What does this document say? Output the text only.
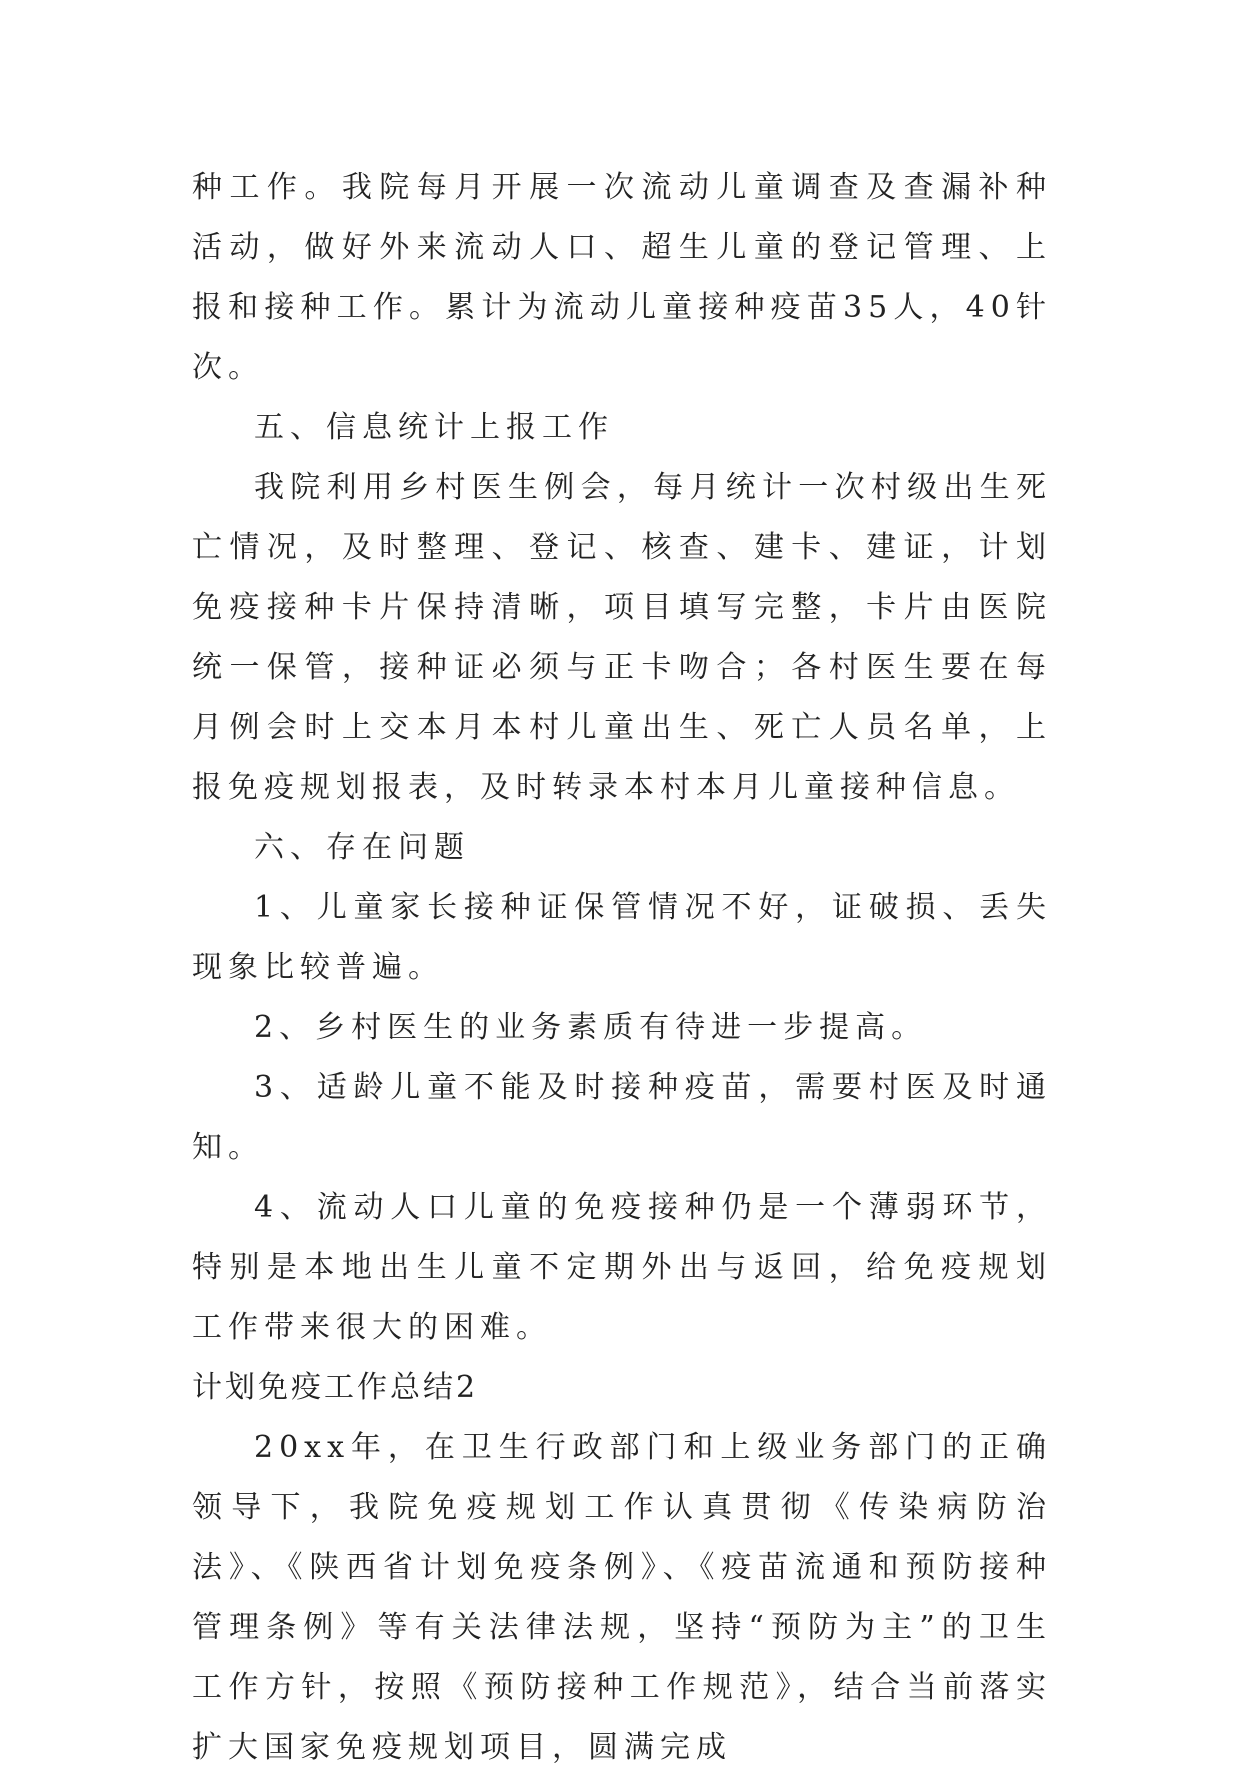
种工作。我院每月开展一次流动儿童调查及查漏补种活动，做好外来流动人口、超生儿童的登记管理、上报和接种工作。累计为流动儿童接种疫苗35人，40针次。

五、信息统计上报工作

我院利用乡村医生例会，每月统计一次村级出生死亡情况，及时整理、登记、核查、建卡、建证，计划免疫接种卡片保持清晰，项目填写完整，卡片由医院统一保管，接种证必须与正卡吻合；各村医生要在每月例会时上交本月本村儿童出生、死亡人员名单，上报免疫规划报表，及时转录本村本月儿童接种信息。

六、存在问题

1、儿童家长接种证保管情况不好，证破损、丢失现象比较普遍。

2、乡村医生的业务素质有待进一步提高。

3、适龄儿童不能及时接种疫苗，需要村医及时通知。

4、流动人口儿童的免疫接种仍是一个薄弱环节，特别是本地出生儿童不定期外出与返回，给免疫规划工作带来很大的困难。

计划免疫工作总结2

20xx年，在卫生行政部门和上级业务部门的正确领导下，我院免疫规划工作认真贯彻《传染病防治法》、《陕西省计划免疫条例》、《疫苗流通和预防接种管理条例》等有关法律法规，坚持“预防为主”的卫生工作方针，按照《预防接种工作规范》，结合当前落实扩大国家免疫规划项目，圆满完成
